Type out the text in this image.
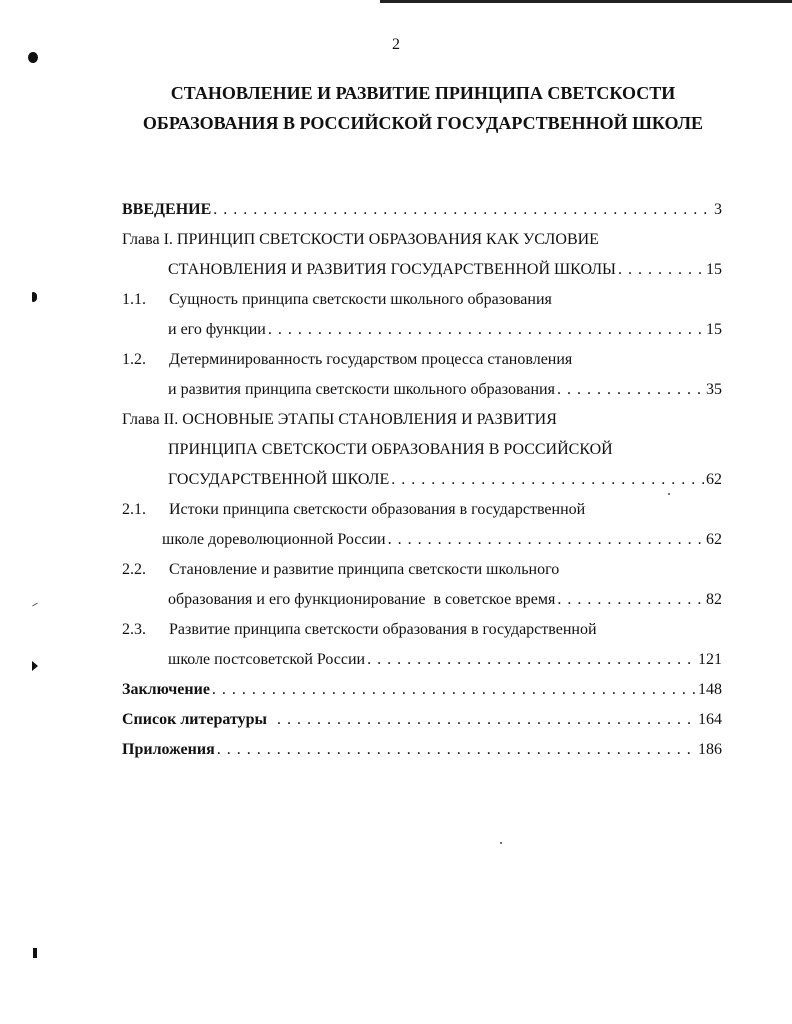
2
СТАНОВЛЕНИЕ И РАЗВИТИЕ ПРИНЦИПА СВЕТСКОСТИ
ОБРАЗОВАНИЯ В РОССИЙСКОЙ ГОСУДАРСТВЕННОЙ ШКОЛЕ
ВВЕДЕНИЕ . . .	3
Глава I. ПРИНЦИП СВЕТСКОСТИ ОБРАЗОВАНИЯ КАК УСЛОВИЕ
СТАНОВЛЕНИЯ И РАЗВИТИЯ ГОСУДАРСТВЕННОЙ ШКОЛЫ . . .	15
1.1. Сущность принципа светскости школьного образования
и его функции . . .	15
1.2. Детерминированность государством процесса становления
и развития принципа светскости школьного образования . . .	35
Глава II. ОСНОВНЫЕ ЭТАПЫ СТАНОВЛЕНИЯ И РАЗВИТИЯ
ПРИНЦИПА СВЕТСКОСТИ ОБРАЗОВАНИЯ В РОССИЙСКОЙ
ГОСУДАРСТВЕННОЙ ШКОЛЕ . . .	62
2.1. Истоки принципа светскости образования в государственной
школе дореволюционной России . . .	62
2.2. Становление и развитие принципа светскости школьного
образования и его функционирование  в советское время . . .	82
2.3. Развитие принципа светскости образования в государственной
школе постсоветской России . . .	121
Заключение . . .	148
Список литературы . . .	164
Приложения . . .	186
